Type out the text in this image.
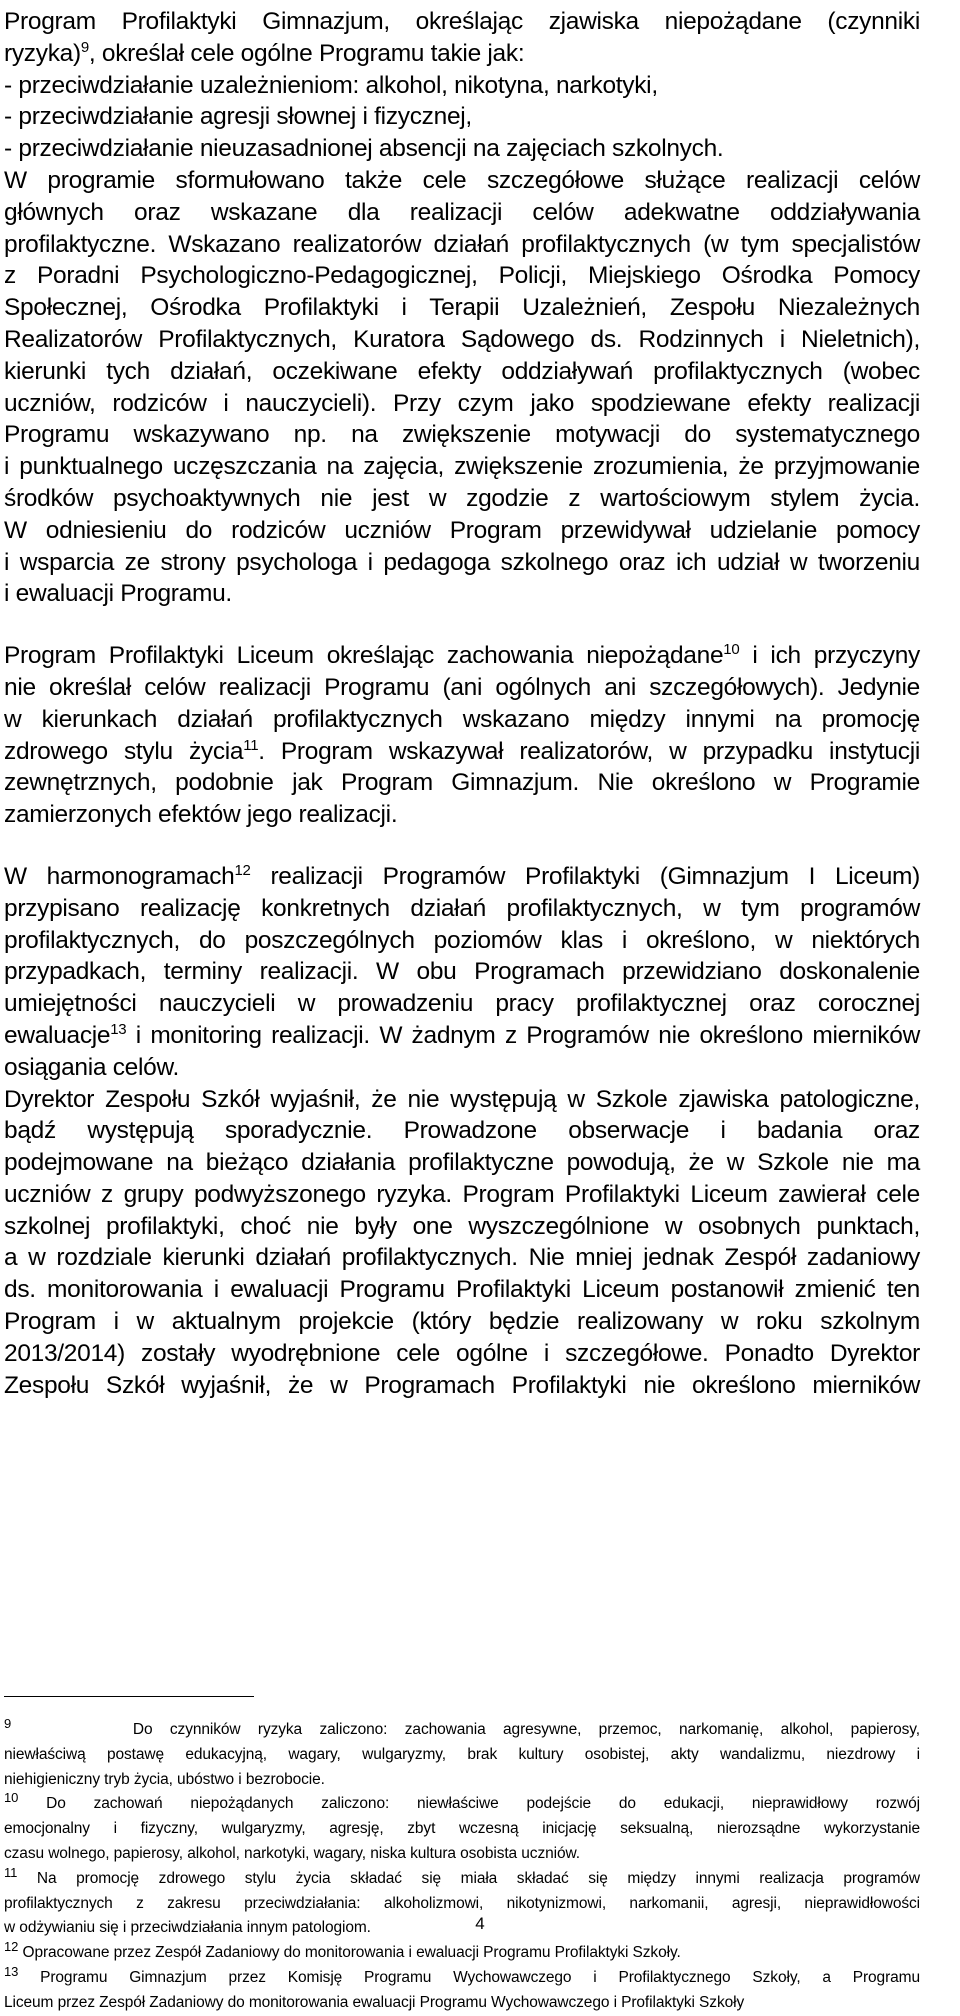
Program Profilaktyki Gimnazjum, określając zjawiska niepożądane (czynniki
ryzyka)$^9$, określał cele ogólne Programu takie jak:
- przeciwdziałanie uzależnieniom: alkohol, nikotyna, narkotyki,
- przeciwdziałanie agresji słownej i fizycznej,
- przeciwdziałanie nieuzasadnionej absencji na zajęciach szkolnych.
W programie sformułowano także cele szczegółowe służące realizacji celów
głównych oraz wskazane dla realizacji celów adekwatne oddziaływania
profilaktyczne. Wskazano realizatorów działań profilaktycznych (w tym specjalistów
z Poradni Psychologiczno-Pedagogicznej, Policji, Miejskiego Ośrodka Pomocy
Społecznej, Ośrodka Profilaktyki i Terapii Uzależnień, Zespołu Niezależnych
Realizatorów Profilaktycznych, Kuratora Sądowego ds. Rodzinnych i Nieletnich),
kierunki tych działań, oczekiwane efekty oddziaływań profilaktycznych (wobec
uczniów, rodziców i nauczycieli). Przy czym jako spodziewane efekty realizacji
Programu wskazywano np. na zwiększenie motywacji do systematycznego
i punktualnego uczęszczania na zajęcia, zwiększenie zrozumienia, że przyjmowanie
środków psychoaktywnych nie jest w zgodzie z wartościowym stylem życia.
W odniesieniu do rodziców uczniów Program przewidywał udzielanie pomocy
i wsparcia ze strony psychologa i pedagoga szkolnego oraz ich udział w tworzeniu
i ewaluacji Programu.
Program Profilaktyki Liceum określając zachowania niepożądane$^{10}$ i ich przyczyny
nie określał celów realizacji Programu (ani ogólnych ani szczegółowych). Jedynie
w kierunkach działań profilaktycznych wskazano między innymi na promocję
zdrowego stylu życia$^{11}$. Program wskazywał realizatorów, w przypadku instytucji
zewnętrznych, podobnie jak Program Gimnazjum. Nie określono w Programie
zamierzonych efektów jego realizacji.
W harmonogramach$^{12}$ realizacji Programów Profilaktyki (Gimnazjum I Liceum)
przypisano realizację konkretnych działań profilaktycznych, w tym programów
profilaktycznych, do poszczególnych poziomów klas i określono, w niektórych
przypadkach, terminy realizacji. W obu Programach przewidziano doskonalenie
umiejętności nauczycieli w prowadzeniu pracy profilaktycznej oraz corocznej
ewaluacje$^{13}$ i monitoring realizacji. W żadnym z Programów nie określono mierników
osiągania celów.
Dyrektor Zespołu Szkół wyjaśnił, że nie występują w Szkole zjawiska patologiczne,
bądź występują sporadycznie. Prowadzone obserwacje i badania oraz
podejmowane na bieżąco działania profilaktyczne powodują, że w Szkole nie ma
uczniów z grupy podwyższonego ryzyka. Program Profilaktyki Liceum zawierał cele
szkolnej profilaktyki, choć nie były one wyszczególnione w osobnych punktach,
a w rozdziale kierunki działań profilaktycznych. Nie mniej jednak Zespół zadaniowy
ds. monitorowania i ewaluacji Programu Profilaktyki Liceum postanowił zmienić ten
Program i w aktualnym projekcie (który będzie realizowany w roku szkolnym
2013/2014) zostały wyodrębnione cele ogólne i szczegółowe. Ponadto Dyrektor
Zespołu Szkół wyjaśnił, że w Programach Profilaktyki nie określono mierników
$^9$	Do czynników ryzyka zaliczono: zachowania agresywne, przemoc, narkomanię, alkohol, papierosy,
niewłaściwą postawę edukacyjną, wagary, wulgaryzmy, brak kultury osobistej, akty wandalizmu, niezdrowy i
niehigieniczny tryb życia, ubóstwo i bezrobocie.
$^{10}$ Do zachowań niepożądanych zaliczono: niewłaściwe podejście do edukacji, nieprawidłowy rozwój
emocjonalny i fizyczny, wulgaryzmy, agresję, zbyt wczesną inicjację seksualną, nierozsądne wykorzystanie
czasu wolnego, papierosy, alkohol, narkotyki, wagary, niska kultura osobista uczniów.
$^{11}$ Na promocję zdrowego stylu życia składać się miała składać się między innymi realizacja programów
profilaktycznych z zakresu przeciwdziałania: alkoholizmowi, nikotynizmowi, narkomanii, agresji, nieprawidłowości
w odżywianiu się i przeciwdziałania innym patologiom.
$^{12}$ Opracowane przez Zespół Zadaniowy do monitorowania i ewaluacji Programu Profilaktyki Szkoły.
$^{13}$ Programu Gimnazjum przez Komisję Programu Wychowawczego i Profilaktycznego Szkoły, a Programu
Liceum przez Zespół Zadaniowy do monitorowania ewaluacji Programu Wychowawczego i Profilaktyki Szkoły
4
